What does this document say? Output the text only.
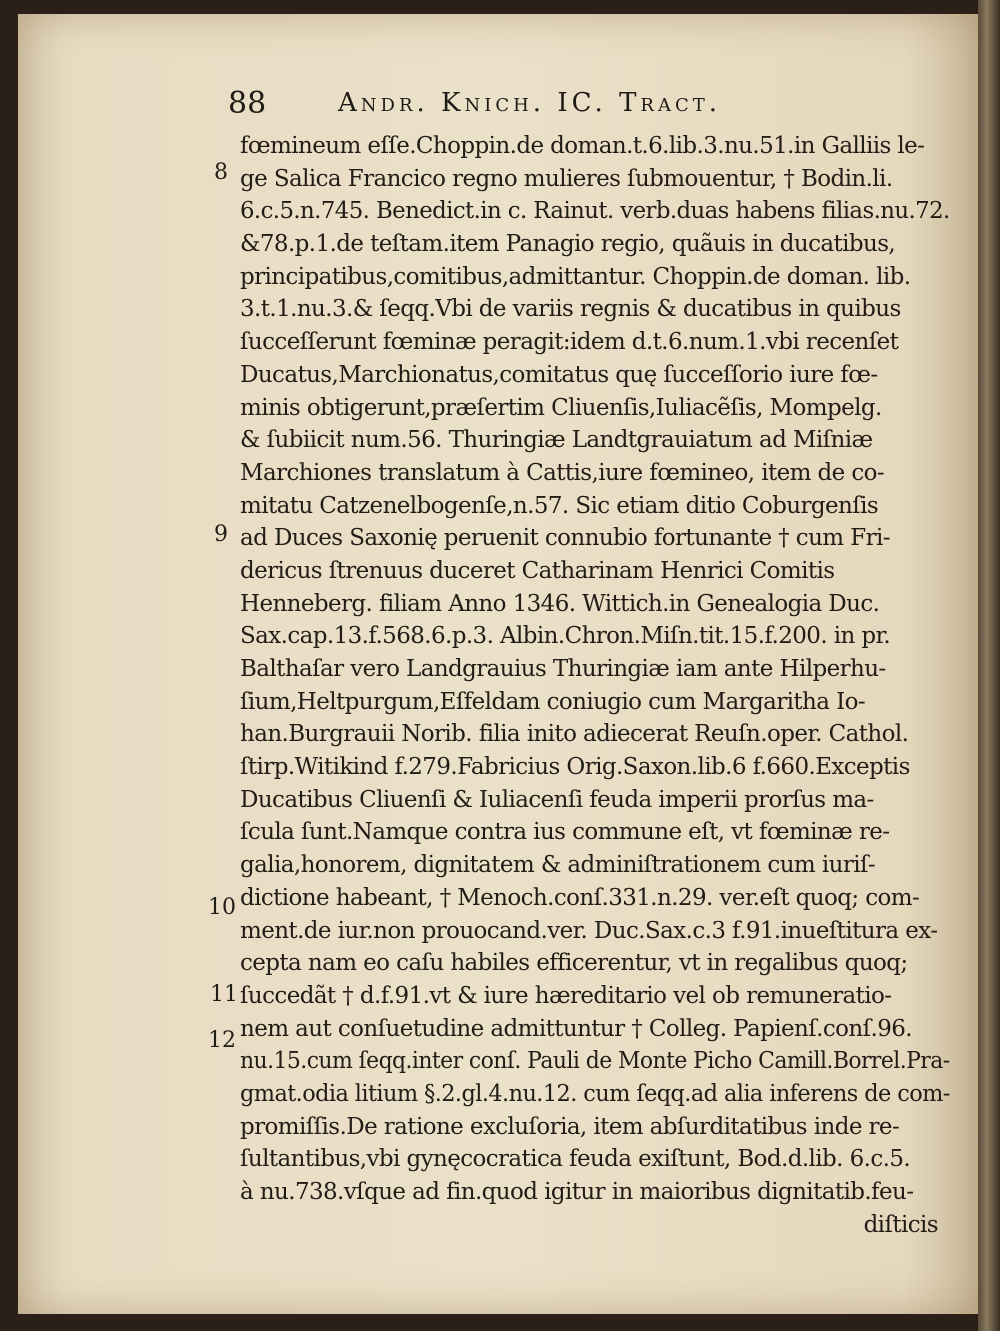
88	Andr. Knich. IC. Tract.
8
9
10
11
12
fœmineum eſſe.Choppin.de doman.t.6.lib.3.nu.51.in Galliis le-
ge Salica Francico regno mulieres ſubmouentur, † Bodin.li.
6.c.5.n.745. Benedict.in c. Rainut. verb.duas habens filias.nu.72.
&78.p.1.de teſtam.item Panagio regio, quãuis in ducatibus,
principatibus,comitibus,admittantur. Choppin.de doman. lib.
3.t.1.nu.3.& ſeqq.Vbi de variis regnis & ducatibus in quibus
ſucceſſerunt fœminæ peragit:idem d.t.6.num.1.vbi recenſet
Ducatus,Marchionatus,comitatus quę ſucceſſorio iure fœ-
minis obtigerunt,præſertim Cliuenſis,Iuliacẽſis, Mompelg.
& ſubiicit num.56. Thuringiæ Landtgrauiatum ad Miſniæ
Marchiones translatum à Cattis,iure fœmineo, item de co-
mitatu Catzenelbogenſe,n.57. Sic etiam ditio Coburgenſis
ad Duces Saxonię peruenit connubio fortunante † cum Fri-
dericus ſtrenuus duceret Catharinam Henrici Comitis
Henneberg. filiam Anno 1346. Wittich.in Genealogia Duc.
Sax.cap.13.f.568.6.p.3. Albin.Chron.Miſn.tit.15.f.200. in pr.
Balthaſar vero Landgrauius Thuringiæ iam ante Hilperhu-
ſium,Heltpurgum,Eſfeldam coniugio cum Margaritha Io-
han.Burgrauii Norib. filia inito adiecerat Reuſn.oper. Cathol.
ſtirp.Witikind f.279.Fabricius Orig.Saxon.lib.6 f.660.Exceptis
Ducatibus Cliuenſi & Iuliacenſi feuda imperii prorſus ma-
ſcula ſunt.Namque contra ius commune eſt, vt fœminæ re-
galia,honorem, dignitatem & adminiſtrationem cum iuriſ-
dictione habeant, † Menoch.conſ.331.n.29. ver.eſt quoq; com-
ment.de iur.non prouocand.ver. Duc.Sax.c.3 f.91.inueſtitura ex-
cepta nam eo caſu habiles efficerentur, vt in regalibus quoq;
ſuccedãt † d.f.91.vt & iure hæreditario vel ob remuneratio-
nem aut conſuetudine admittuntur † Colleg. Papienſ.conſ.96.
nu.15.cum ſeqq.inter conſ. Pauli de Monte Picho Camill.Borrel.Pra-
gmat.odia litium §.2.gl.4.nu.12. cum ſeqq.ad alia inferens de com-
promiſſis.De ratione excluſoria, item abſurditatibus inde re-
ſultantibus,vbi gynęcocratica feuda exiſtunt, Bod.d.lib. 6.c.5.
à nu.738.vſque ad fin.quod igitur in maioribus dignitatib.feu-
diſticis
